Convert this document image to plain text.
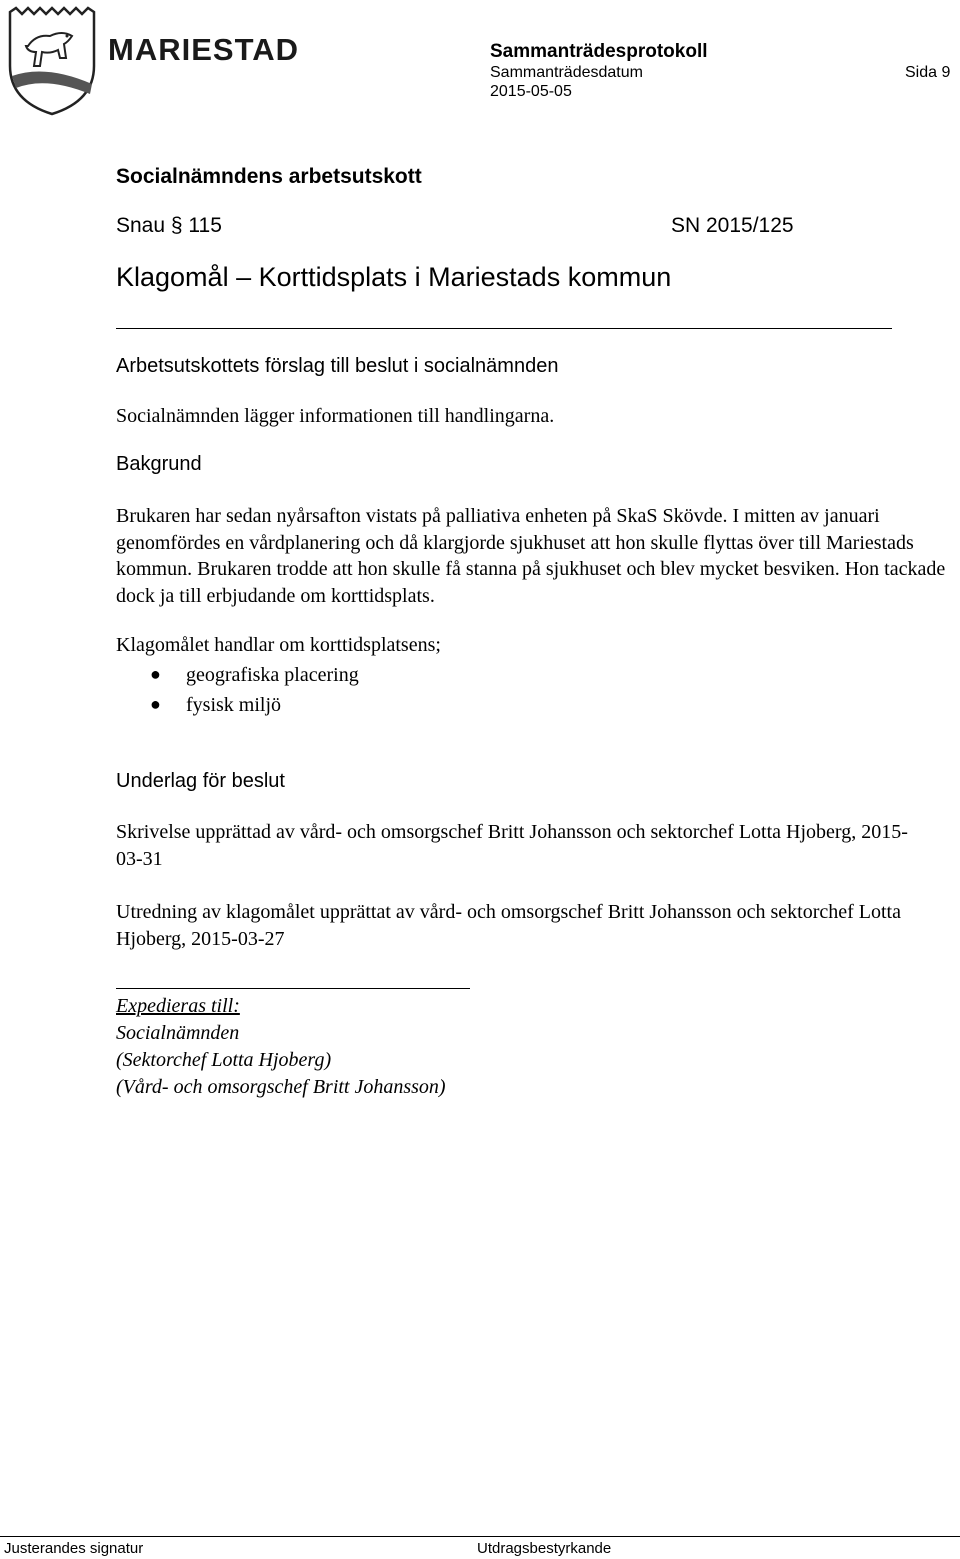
MARIESTAD	Sammanträdesprotokoll
Sammanträdesdatum
2015-05-05
Sida 9
Socialnämndens arbetsutskott
Snau § 115	SN 2015/125
Klagomål – Korttidsplats i Mariestads kommun
Arbetsutskottets förslag till beslut i socialnämnden
Socialnämnden lägger informationen till handlingarna.
Bakgrund
Brukaren har sedan nyårsafton vistats på palliativa enheten på SkaS Skövde. I mitten av januari genomfördes en vårdplanering och då klargjorde sjukhuset att hon skulle flyttas över till Mariestads kommun. Brukaren trodde att hon skulle få stanna på sjukhuset och blev mycket besviken. Hon tackade dock ja till erbjudande om korttidsplats.
Klagomålet handlar om korttidsplatsens;
● geografiska placering
● fysisk miljö
Underlag för beslut
Skrivelse upprättad av vård- och omsorgschef Britt Johansson och sektorchef Lotta Hjoberg, 2015-03-31
Utredning av klagomålet upprättat av vård- och omsorgschef Britt Johansson och sektorchef Lotta Hjoberg, 2015-03-27
Expedieras till:
Socialnämnden
(Sektorchef Lotta Hjoberg)
(Vård- och omsorgschef Britt Johansson)
Justerandes signatur	Utdragsbestyrkande
